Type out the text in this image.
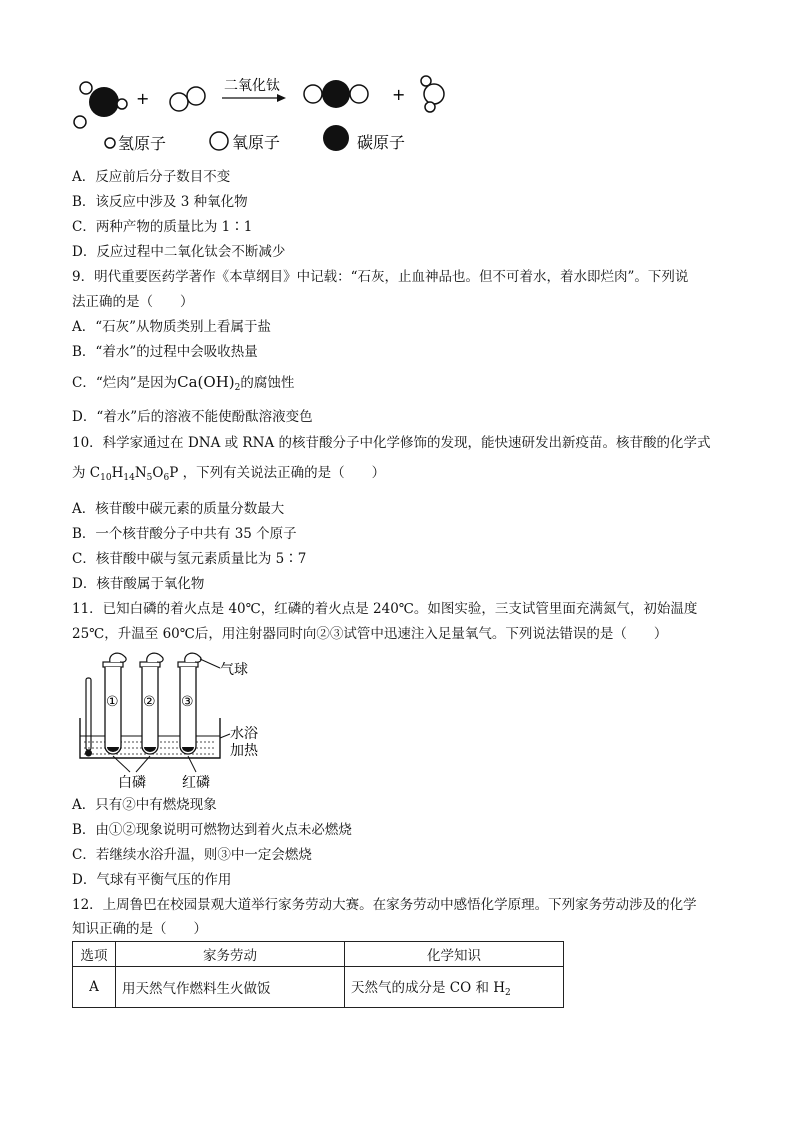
+
二氧化钛	+
氢原子	氧原子	碳原子
A．反应前后分子数目不变
B．该反应中涉及 3 种氧化物
C．两种产物的质量比为 1∶1
D．反应过程中二氧化钛会不断减少
9．明代重要医药学著作《本草纲目》中记载：“石灰，止血神品也。但不可着水，着水即烂肉”。下列说
法正确的是（　　）
A．“石灰”从物质类别上看属于盐
B．“着水”的过程中会吸收热量
C．“烂肉”是因为$Ca(OH)_2$的腐蚀性
D．“着水”后的溶液不能使酚酞溶液变色
10．科学家通过在 DNA 或 RNA 的核苷酸分子中化学修饰的发现，能快速研发出新疫苗。核苷酸的化学式
为 $C_{10}H_{14}N_5O_6P$ ，下列有关说法正确的是（　　）
A．核苷酸中碳元素的质量分数最大
B．一个核苷酸分子中共有 35 个原子
C．核苷酸中碳与氢元素质量比为 5∶7
D．核苷酸属于氧化物
11．已知白磷的着火点是 40℃，红磷的着火点是 240℃。如图实验，三支试管里面充满氮气，初始温度
25℃，升温至 60℃后，用注射器同时向②③试管中迅速注入足量氧气。下列说法错误的是（　　）
① ② ③
气球
水浴
加热
白磷	红磷
A．只有②中有燃烧现象
B．由①②现象说明可燃物达到着火点未必燃烧
C．若继续水浴升温，则③中一定会燃烧
D．气球有平衡气压的作用
12．上周鲁巴在校园景观大道举行家务劳动大赛。在家务劳动中感悟化学原理。下列家务劳动涉及的化学
知识正确的是（　　）
选项	家务劳动	化学知识
A	用天然气作燃料生火做饭	天然气的成分是 CO 和 $H_2$
